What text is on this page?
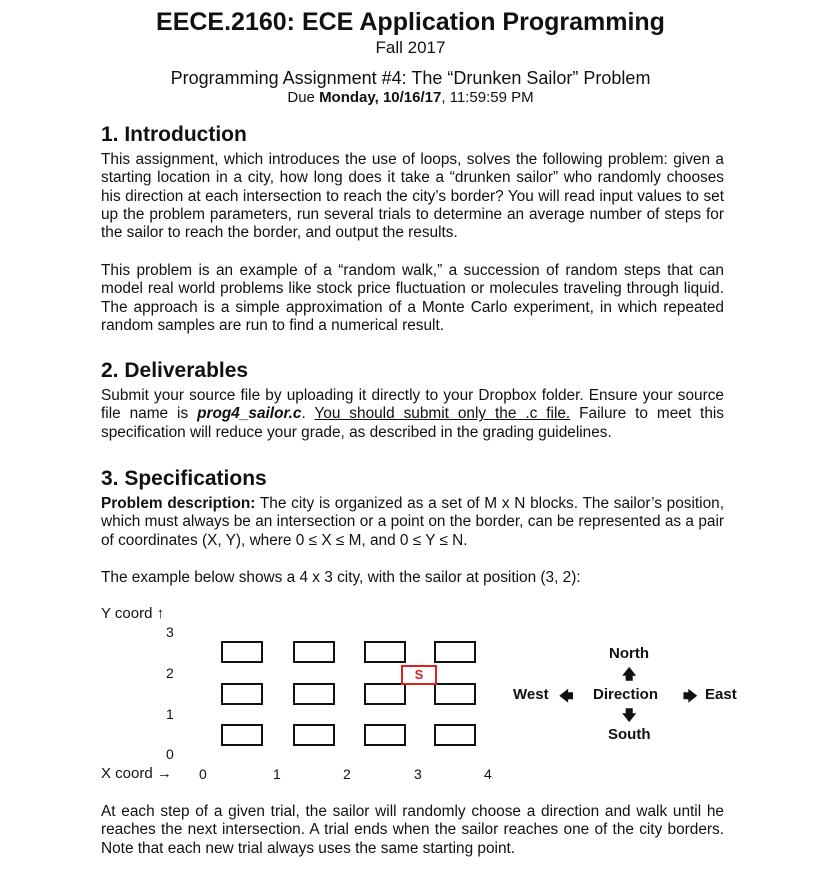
EECE.2160: ECE Application Programming
Fall 2017
Programming Assignment #4: The “Drunken Sailor” Problem
Due Monday, 10/16/17, 11:59:59 PM
1. Introduction

This assignment, which introduces the use of loops, solves the following problem: given a starting location in a city, how long does it take a “drunken sailor” who randomly chooses his direction at each intersection to reach the city’s border? You will read input values to set up the problem parameters, run several trials to determine an average number of steps for the sailor to reach the border, and output the results.

This problem is an example of a “random walk,” a succession of random steps that can model real world problems like stock price fluctuation or molecules traveling through liquid. The approach is a simple approximation of a Monte Carlo experiment, in which repeated random samples are run to find a numerical result.

2. Deliverables

Submit your source file by uploading it directly to your Dropbox folder. Ensure your source file name is prog4_sailor.c. You should submit only the .c file. Failure to meet this specification will reduce your grade, as described in the grading guidelines.

3. Specifications

Problem description: The city is organized as a set of M x N blocks. The sailor’s position, which must always be an intersection or a point on the border, can be represented as a pair of coordinates (X, Y), where 0 ≤ X ≤ M, and 0 ≤ Y ≤ N.

The example below shows a 4 x 3 city, with the sailor at position (3, 2):

Y coord ↑
3
2
1
0
X coord → 0	1	2	3	4
S
North
🡅
West 🡄 Direction 🡆 East
🡇
South

At each step of a given trial, the sailor will randomly choose a direction and walk until he reaches the next intersection. A trial ends when the sailor reaches one of the city borders. Note that each new trial always uses the same starting point.
